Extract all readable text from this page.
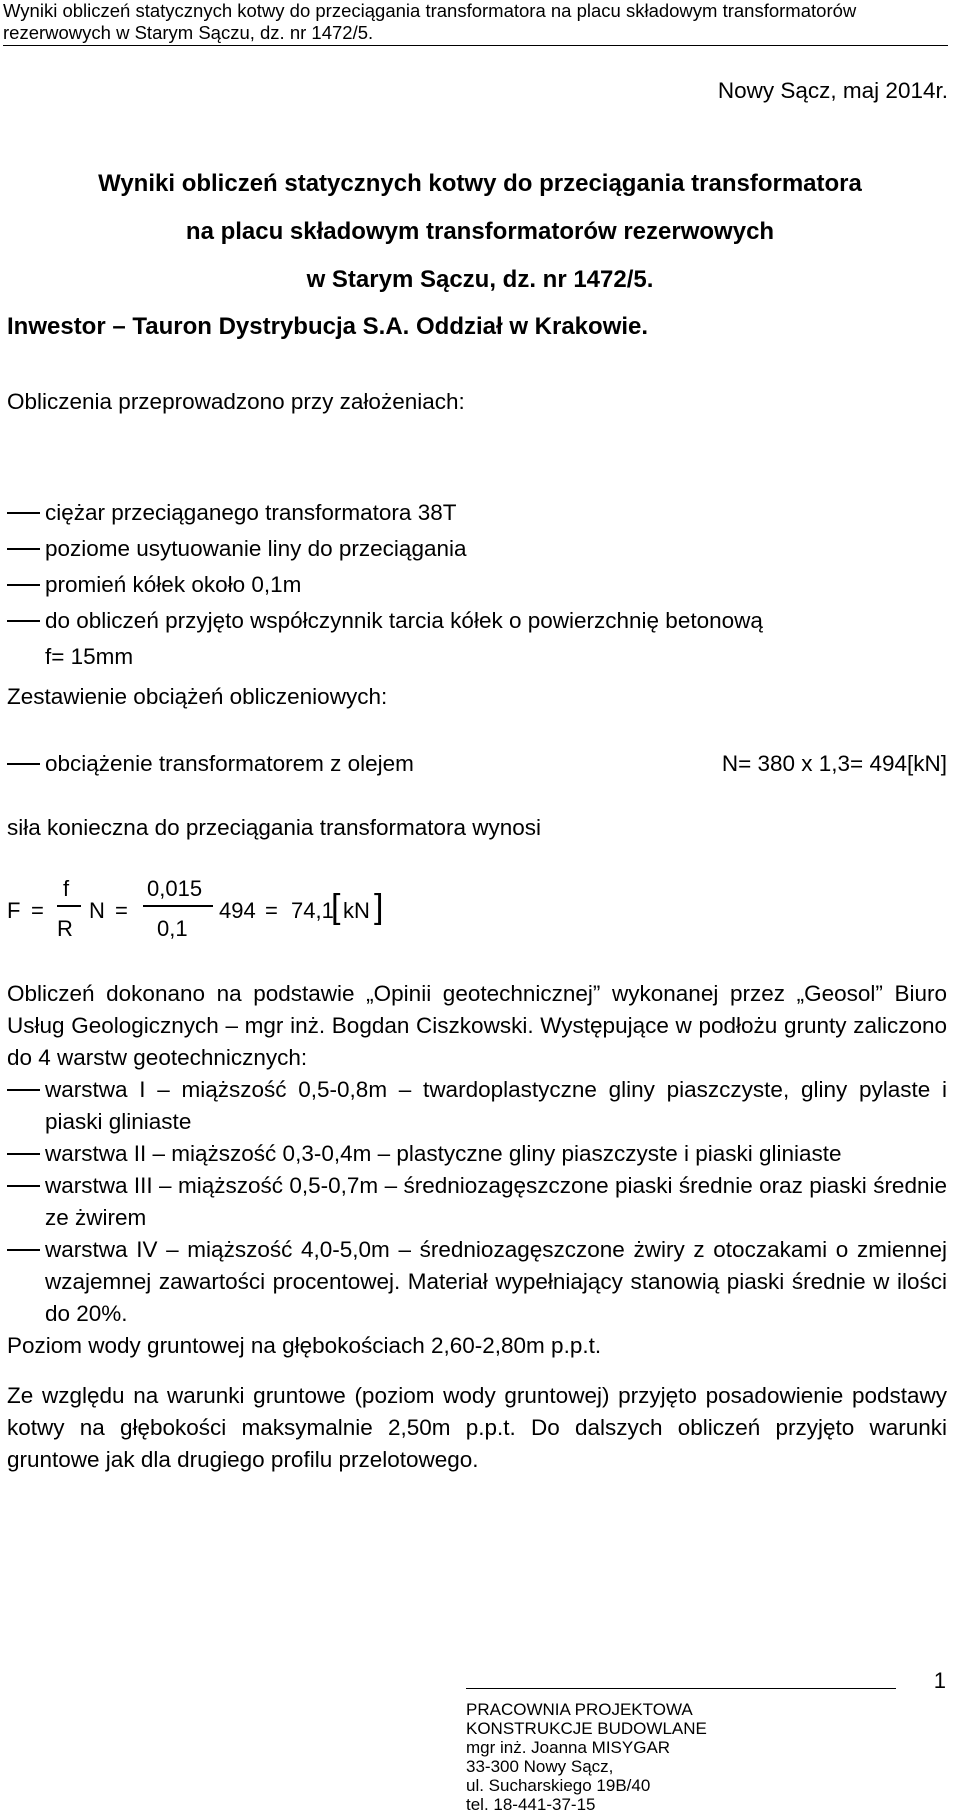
Wyniki obliczeń statycznych kotwy do przeciągania transformatora na placu składowym transformatorów rezerwowych w Starym Sączu, dz. nr 1472/5.
Nowy Sącz, maj 2014r.
Wyniki obliczeń statycznych kotwy do przeciągania transformatora
na placu składowym transformatorów rezerwowych
w Starym Sączu, dz. nr 1472/5.
Inwestor – Tauron Dystrybucja S.A. Oddział w Krakowie.
Obliczenia przeprowadzono przy założeniach:
ciężar przeciąganego transformatora 38T
poziome usytuowanie liny do przeciągania
promień kółek około 0,1m
do obliczeń przyjęto współczynnik tarcia kółek o powierzchnię betonową
f= 15mm
Zestawienie obciążeń obliczeniowych:
obciążenie transformatorem z olejem	N= 380 x 1,3= 494[kN]
siła konieczna do przeciągania transformatora wynosi
F =
f
R
N =
0,015
0,1
494 = 74,1
[ kN ]
Obliczeń dokonano na podstawie „Opinii geotechnicznej” wykonanej przez „Geosol” Biuro Usług Geologicznych – mgr inż. Bogdan Ciszkowski. Występujące w podłożu grunty zaliczono do 4 warstw geotechnicznych:
warstwa I – miąższość 0,5-0,8m – twardoplastyczne gliny piaszczyste, gliny pylaste i piaski gliniaste
warstwa II – miąższość 0,3-0,4m – plastyczne gliny piaszczyste i piaski gliniaste
warstwa III – miąższość 0,5-0,7m – średniozagęszczone piaski średnie oraz piaski średnie ze żwirem
warstwa IV – miąższość 4,0-5,0m – średniozagęszczone żwiry z otoczakami o zmiennej wzajemnej zawartości procentowej. Materiał wypełniający stanowią piaski średnie w ilości do 20%.
Poziom wody gruntowej na głębokościach 2,60-2,80m p.p.t.
Ze względu na warunki gruntowe (poziom wody gruntowej) przyjęto posadowienie podstawy kotwy na głębokości maksymalnie 2,50m p.p.t. Do dalszych obliczeń przyjęto warunki gruntowe jak dla drugiego profilu przelotowego.
1
PRACOWNIA PROJEKTOWA
KONSTRUKCJE BUDOWLANE
mgr inż. Joanna MISYGAR
33-300 Nowy Sącz,
ul. Sucharskiego 19B/40
tel. 18-441-37-15
